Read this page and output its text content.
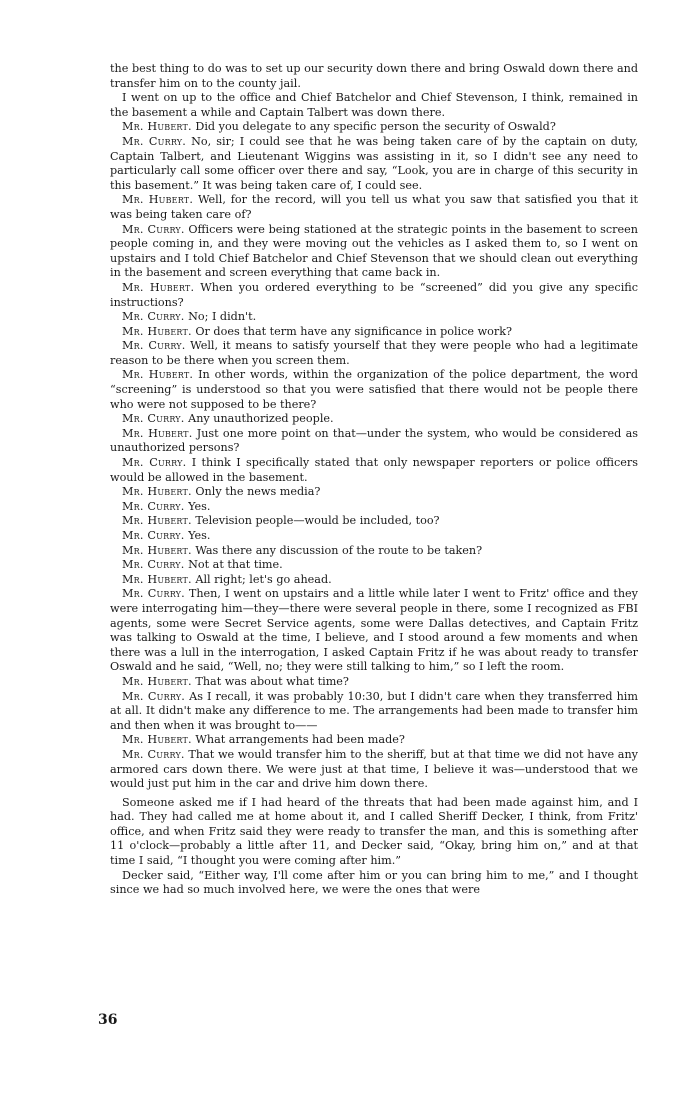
the best thing to do was to set up our security down there and bring Oswald down there and transfer him on to the county jail.

I went on up to the office and Chief Batchelor and Chief Stevenson, I think, remained in the basement a while and Captain Talbert was down there.

Mr. Hubert. Did you delegate to any specific person the security of Oswald?

Mr. Curry. No, sir; I could see that he was being taken care of by the captain on duty, Captain Talbert, and Lieutenant Wiggins was assisting in it, so I didn't see any need to particularly call some officer over there and say, “Look, you are in charge of this security in this basement.” It was being taken care of, I could see.

Mr. Hubert. Well, for the record, will you tell us what you saw that satisfied you that it was being taken care of?

Mr. Curry. Officers were being stationed at the strategic points in the basement to screen people coming in, and they were moving out the vehicles as I asked them to, so I went on upstairs and I told Chief Batchelor and Chief Stevenson that we should clean out everything in the basement and screen everything that came back in.

Mr. Hubert. When you ordered everything to be “screened” did you give any specific instructions?

Mr. Curry. No; I didn't.

Mr. Hubert. Or does that term have any significance in police work?

Mr. Curry. Well, it means to satisfy yourself that they were people who had a legitimate reason to be there when you screen them.

Mr. Hubert. In other words, within the organization of the police department, the word “screening” is understood so that you were satisfied that there would not be people there who were not supposed to be there?

Mr. Curry. Any unauthorized people.

Mr. Hubert. Just one more point on that—under the system, who would be considered as unauthorized persons?

Mr. Curry. I think I specifically stated that only newspaper reporters or police officers would be allowed in the basement.

Mr. Hubert. Only the news media?

Mr. Curry. Yes.

Mr. Hubert. Television people—would be included, too?

Mr. Curry. Yes.

Mr. Hubert. Was there any discussion of the route to be taken?

Mr. Curry. Not at that time.

Mr. Hubert. All right; let's go ahead.

Mr. Curry. Then, I went on upstairs and a little while later I went to Fritz' office and they were interrogating him—they—there were several people in there, some I recognized as FBI agents, some were Secret Service agents, some were Dallas detectives, and Captain Fritz was talking to Oswald at the time, I believe, and I stood around a few moments and when there was a lull in the interrogation, I asked Captain Fritz if he was about ready to transfer Oswald and he said, “Well, no; they were still talking to him,” so I left the room.

Mr. Hubert. That was about what time?

Mr. Curry. As I recall, it was probably 10:30, but I didn't care when they transferred him at all. It didn't make any difference to me. The arrangements had been made to transfer him and then when it was brought to——

Mr. Hubert. What arrangements had been made?

Mr. Curry. That we would transfer him to the sheriff, but at that time we did not have any armored cars down there. We were just at that time, I believe it was—understood that we would just put him in the car and drive him down there.

Someone asked me if I had heard of the threats that had been made against him, and I had. They had called me at home about it, and I called Sheriff Decker, I think, from Fritz' office, and when Fritz said they were ready to transfer the man, and this is something after 11 o'clock—probably a little after 11, and Decker said, “Okay, bring him on,” and at that time I said, “I thought you were coming after him.”

Decker said, “Either way, I'll come after him or you can bring him to me,” and I thought since we had so much involved here, we were the ones that were

36
